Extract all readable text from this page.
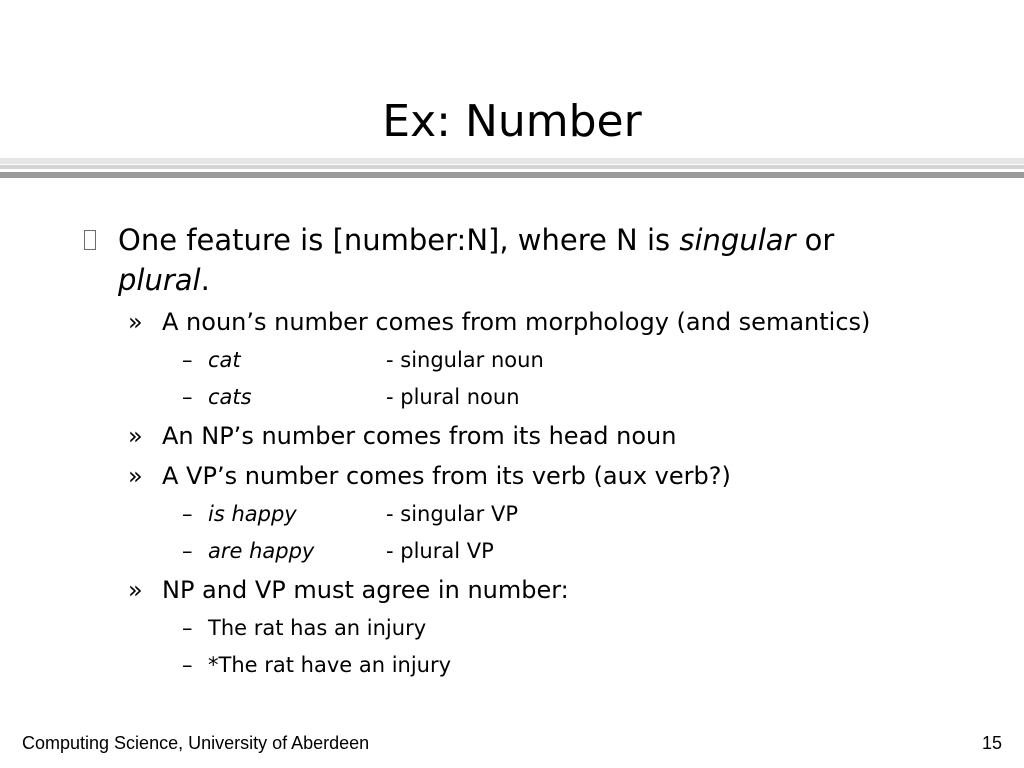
Ex: Number
One feature is [number:N], where N is singular or plural.
» A noun’s number comes from morphology (and semantics)
– cat	- singular noun
– cats	- plural noun
» An NP’s number comes from its head noun
» A VP’s number comes from its verb (aux verb?)
– is happy	- singular VP
– are happy	- plural VP
» NP and VP must agree in number:
– The rat has an injury
– *The rat have an injury
Computing Science, University of Aberdeen	15
